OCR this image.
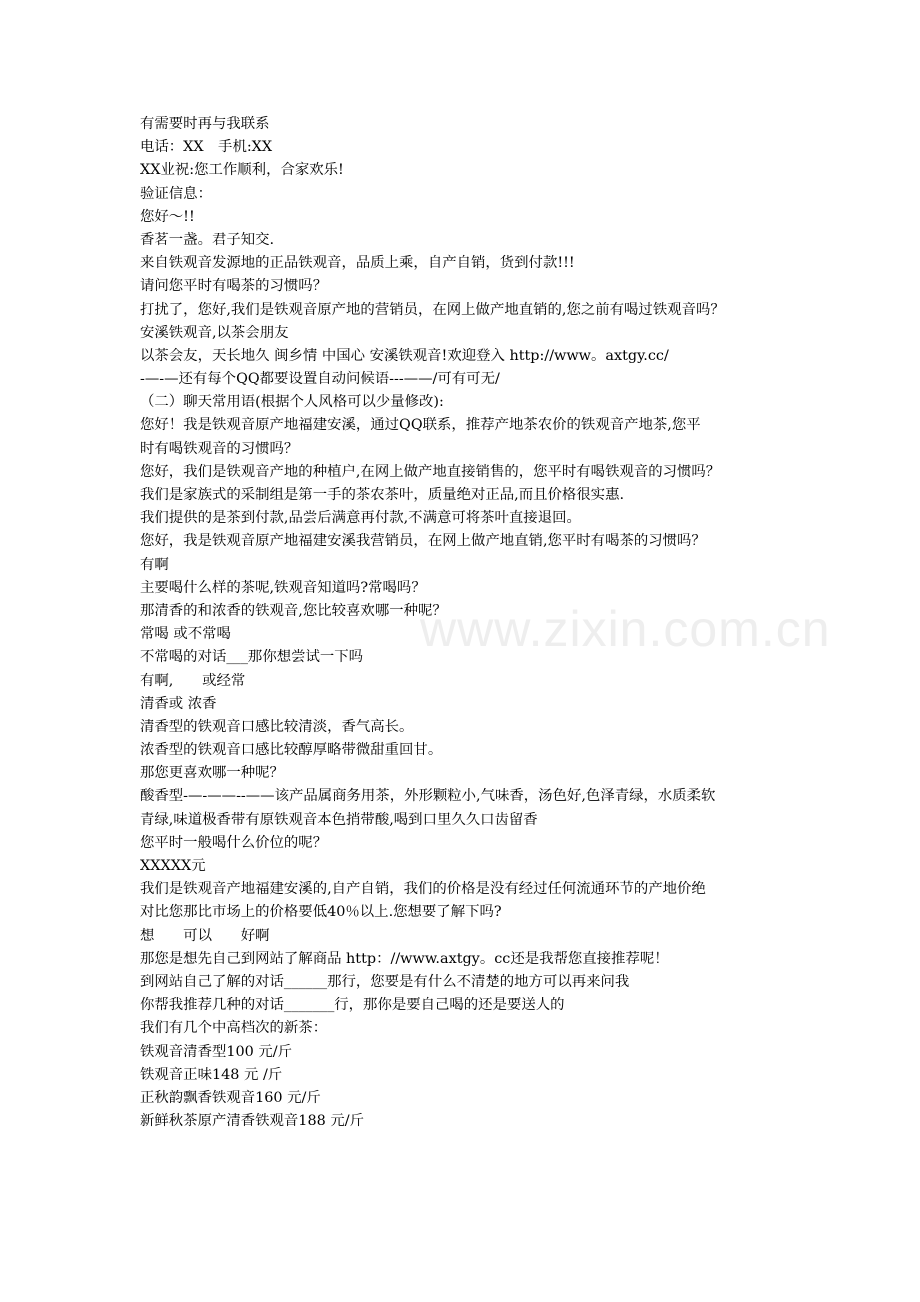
www.zixin.com.cn
有需要时再与我联系
电话：XX　手机:XX
XX业祝:您工作顺利，合家欢乐!
验证信息：
您好～!!
香茗一盏。君子知交.
来自铁观音发源地的正品铁观音，品质上乘，自产自销，货到付款!!!
请问您平时有喝茶的习惯吗？
打扰了，您好,我们是铁观音原产地的营销员，在网上做产地直销的,您之前有喝过铁观音吗？
安溪铁观音,以茶会朋友
以茶会友，天长地久 闽乡情 中国心 安溪铁观音!欢迎登入 http://www。axtgy.cc/
-—-—还有每个QQ都要设置自动问候语---——/可有可无/
（二）聊天常用语(根据个人风格可以少量修改):
您好！我是铁观音原产地福建安溪，通过QQ联系，推荐产地茶农价的铁观音产地茶,您平
时有喝铁观音的习惯吗？
您好，我们是铁观音产地的种植户,在网上做产地直接销售的，您平时有喝铁观音的习惯吗？
我们是家族式的采制组是第一手的茶农茶叶，质量绝对正品,而且价格很实惠.
我们提供的是茶到付款,品尝后满意再付款,不满意可将茶叶直接退回。
您好，我是铁观音原产地福建安溪我营销员，在网上做产地直销,您平时有喝茶的习惯吗？
有啊
主要喝什么样的茶呢,铁观音知道吗?常喝吗？
那清香的和浓香的铁观音,您比较喜欢哪一种呢？
常喝 或不常喝
不常喝的对话___那你想尝试一下吗
有啊,　　或经常
清香或 浓香
清香型的铁观音口感比较清淡，香气高长。
浓香型的铁观音口感比较醇厚略带微甜重回甘。
那您更喜欢哪一种呢？
酸香型-—-——--——该产品属商务用茶，外形颗粒小,气味香，汤色好,色泽青绿，水质柔软
青绿,味道极香带有原铁观音本色捎带酸,喝到口里久久口齿留香
您平时一般喝什么价位的呢？
XXXXX元
我们是铁观音产地福建安溪的,自产自销，我们的价格是没有经过任何流通环节的产地价绝
对比您那比市场上的价格要低40％以上.您想要了解下吗?
想　　可以　　好啊
那您是想先自己到网站了解商品 http：//www.axtgy。cc还是我帮您直接推荐呢！
到网站自己了解的对话______那行，您要是有什么不清楚的地方可以再来问我
你帮我推荐几种的对话_______行，那你是要自己喝的还是要送人的
我们有几个中高档次的新茶：
铁观音清香型100 元/斤
铁观音正味148 元 /斤
正秋韵飘香铁观音160 元/斤
新鲜秋茶原产清香铁观音188 元/斤
